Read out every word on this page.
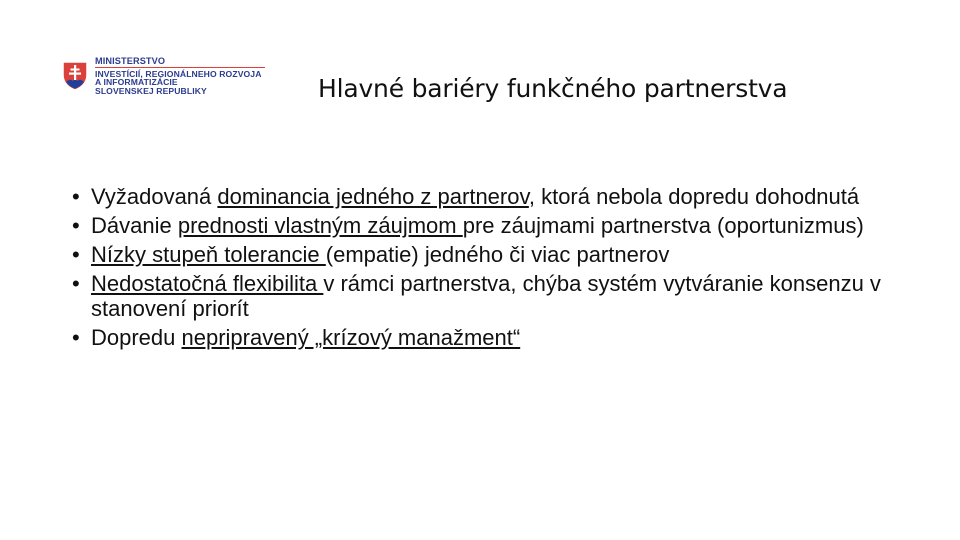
MINISTERSTVO
INVESTÍCIÍ, REGIONÁLNEHO ROZVOJA
A INFORMATIZÁCIE
SLOVENSKEJ REPUBLIKY	Hlavné bariéry funkčného partnerstva
• Vyžadovaná dominancia jedného z partnerov, ktorá nebola dopredu dohodnutá
• Dávanie prednosti vlastným záujmom pre záujmami partnerstva (oportunizmus)
• Nízky stupeň tolerancie (empatie) jedného či viac partnerov
• Nedostatočná flexibilita v rámci partnerstva, chýba systém vytváranie konsenzu v stanovení priorít
• Dopredu nepripravený „krízový manažment“
